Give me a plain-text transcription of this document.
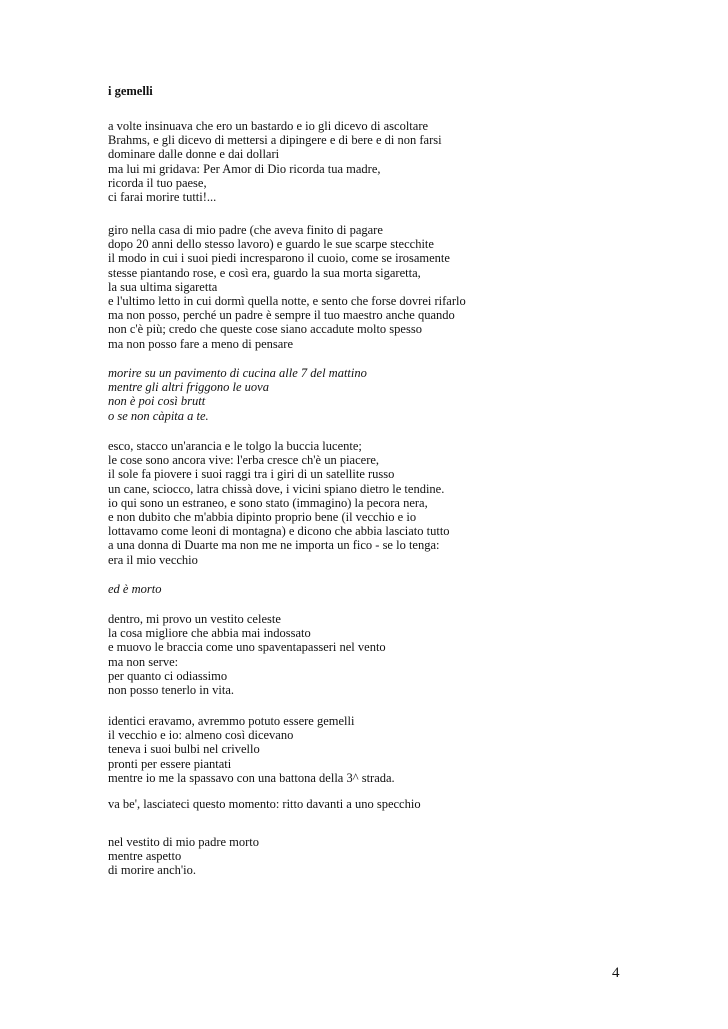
i gemelli
a volte insinuava che ero un bastardo e io gli dicevo di ascoltare
Brahms, e gli dicevo di mettersi a dipingere e di bere e di non farsi
dominare dalle donne e dai dollari
ma lui mi gridava: Per Amor di Dio ricorda tua madre,
ricorda il tuo paese,
ci farai morire tutti!...
giro nella casa di mio padre (che aveva finito di pagare
dopo 20 anni dello stesso lavoro) e guardo le sue scarpe stecchite
il modo in cui i suoi piedi incresparono il cuoio, come se irosamente
stesse piantando rose, e così era, guardo la sua morta sigaretta,
la sua ultima sigaretta
e l'ultimo letto in cui dormì quella notte, e sento che forse dovrei rifarlo
ma non posso, perché un padre è sempre il tuo maestro anche quando
non c'è più; credo che queste cose siano accadute molto spesso
ma non posso fare a meno di pensare
morire su un pavimento di cucina alle 7 del mattino
mentre gli altri friggono le uova
non è poi così brutt
o se non càpita a te.
esco, stacco un'arancia e le tolgo la buccia lucente;
le cose sono ancora vive: l'erba cresce ch'è un piacere,
il sole fa piovere i suoi raggi tra i giri di un satellite russo
un cane, sciocco, latra chissà dove, i vicini spiano dietro le tendine.
io qui sono un estraneo, e sono stato (immagino) la pecora nera,
e non dubito che m'abbia dipinto proprio bene (il vecchio e io
lottavamo come leoni di montagna) e dicono che abbia lasciato tutto
a una donna di Duarte ma non me ne importa un fico - se lo tenga:
era il mio vecchio
ed è morto
dentro, mi provo un vestito celeste
la cosa migliore che abbia mai indossato
e muovo le braccia come uno spaventapasseri nel vento
ma non serve:
per quanto ci odiassimo
non posso tenerlo in vita.
identici eravamo, avremmo potuto essere gemelli
il vecchio e io: almeno così dicevano
teneva i suoi bulbi nel crivello
pronti per essere piantati
mentre io me la spassavo con una battona della 3^ strada.
va be', lasciateci questo momento: ritto davanti a uno specchio
nel vestito di mio padre morto
mentre aspetto
di morire anch'io.
4
